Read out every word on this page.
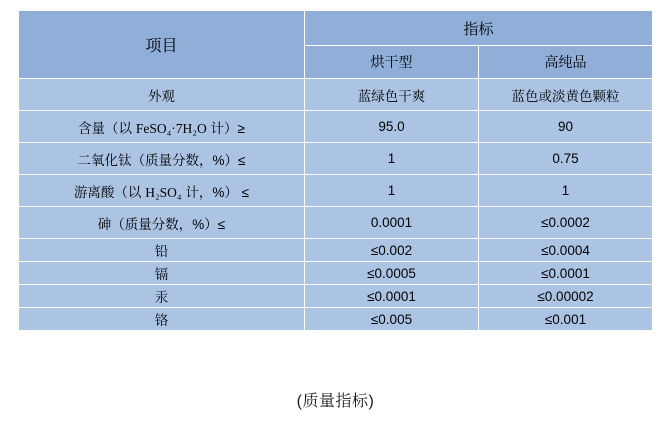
项目	指标	
	烘干型	高纯品
外观	蓝绿色干爽	蓝色或淡黄色颗粒
含量（以 FeSO₄·7H₂O 计）≥	95.0	90
二氧化钛（质量分数，%）≤	1	0.75
游离酸（以 H₂SO₄ 计，%） ≤	1	1
砷（质量分数，%）≤	0.0001	≤0.0002
铅	≤0.002	≤0.0004
镉	≤0.0005	≤0.0001
汞	≤0.0001	≤0.00002
铬	≤0.005	≤0.001
(质量指标)
